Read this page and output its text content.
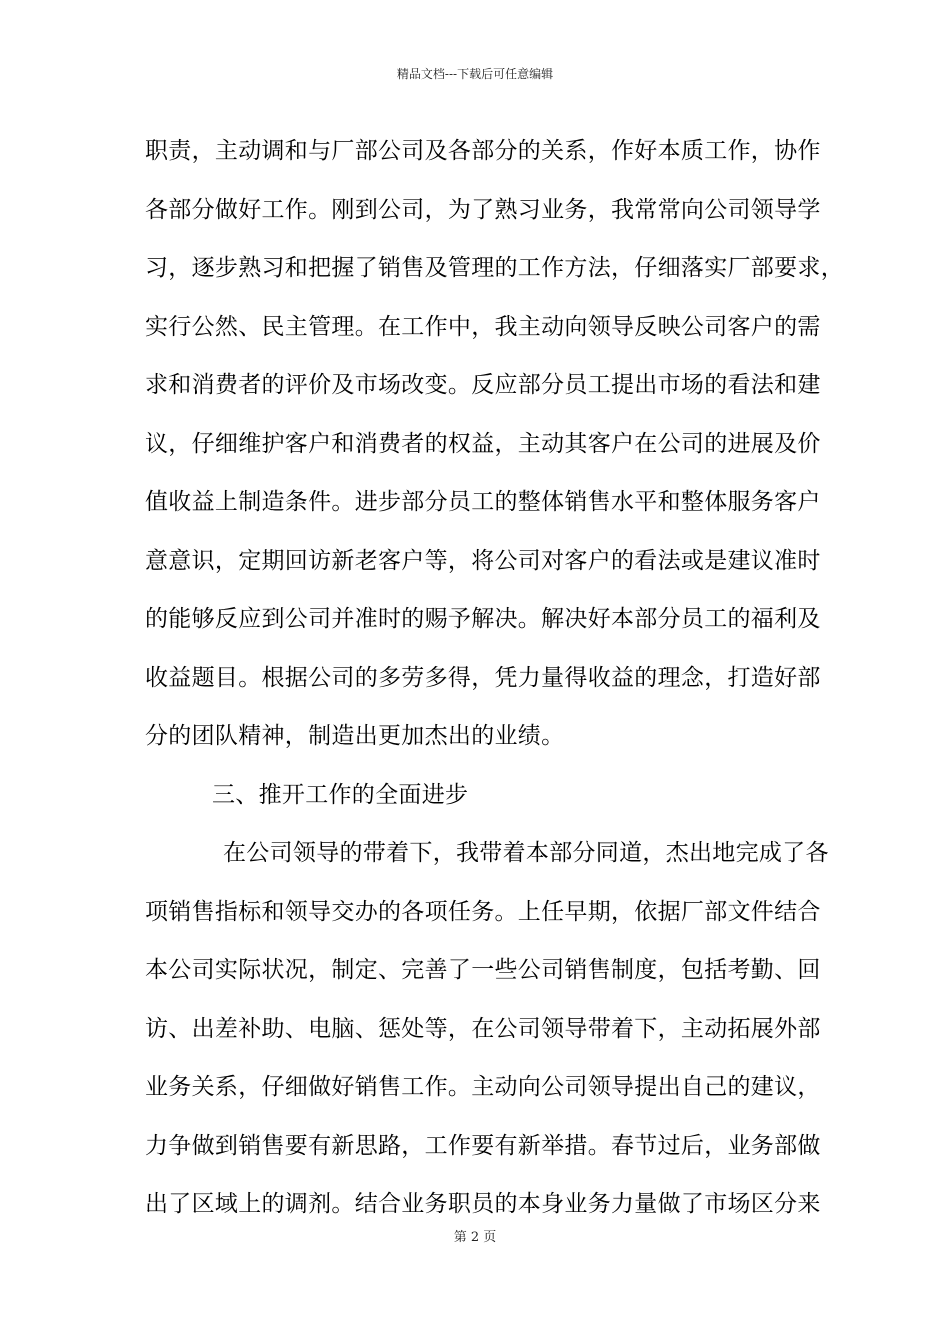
精品文档---下载后可任意编辑
职责，主动调和与厂部公司及各部分的关系，作好本质工作，协作
各部分做好工作。刚到公司，为了熟习业务，我常常向公司领导学
习，逐步熟习和把握了销售及管理的工作方法，仔细落实厂部要求，
实行公然、民主管理。在工作中，我主动向领导反映公司客户的需
求和消费者的评价及市场改变。反应部分员工提出市场的看法和建
议，仔细维护客户和消费者的权益，主动其客户在公司的进展及价
值收益上制造条件。进步部分员工的整体销售水平和整体服务客户
意意识，定期回访新老客户等，将公司对客户的看法或是建议准时
的能够反应到公司并准时的赐予解决。解决好本部分员工的福利及
收益题目。根据公司的多劳多得，凭力量得收益的理念，打造好部
分的团队精神，制造出更加杰出的业绩。
三、推开工作的全面进步
在公司领导的带着下，我带着本部分同道，杰出地完成了各
项销售指标和领导交办的各项任务。上任早期，依据厂部文件结合
本公司实际状况，制定、完善了一些公司销售制度，包括考勤、回
访、出差补助、电脑、惩处等，在公司领导带着下，主动拓展外部
业务关系，仔细做好销售工作。主动向公司领导提出自己的建议，
力争做到销售要有新思路，工作要有新举措。春节过后，业务部做
出了区域上的调剂。结合业务职员的本身业务力量做了市场区分来
第 2 页
